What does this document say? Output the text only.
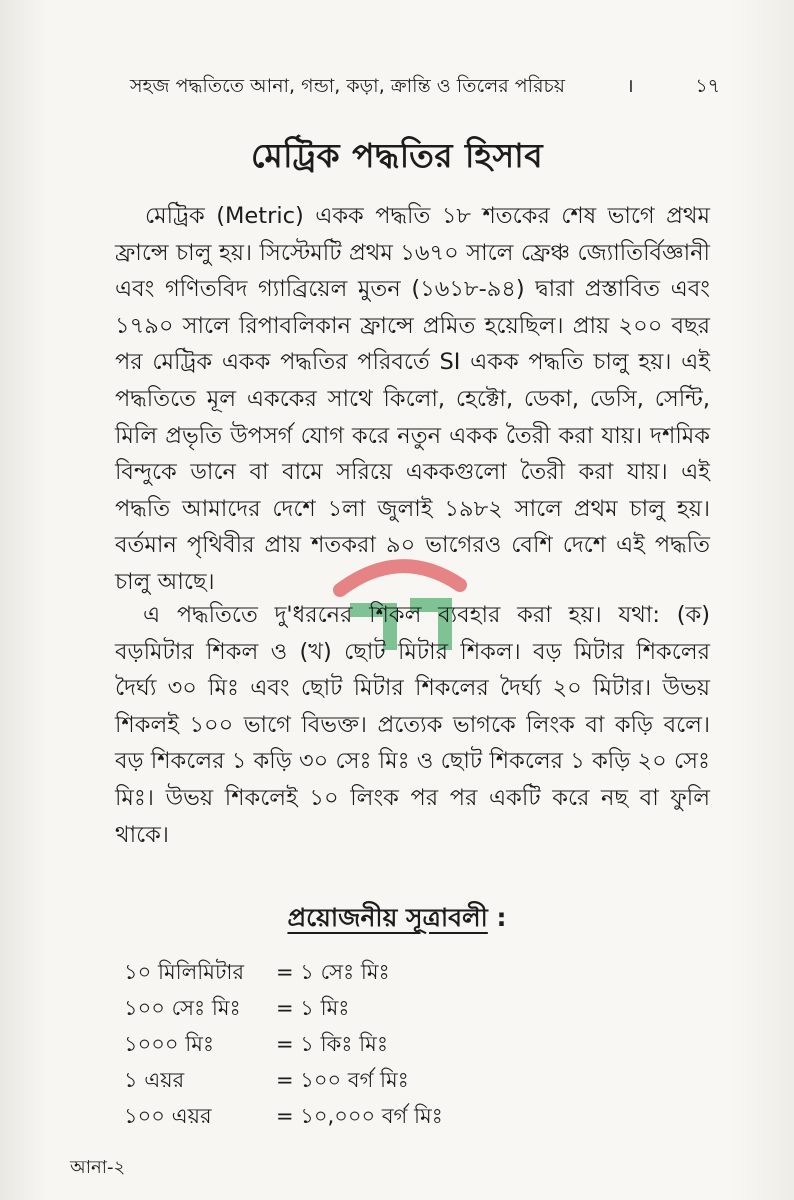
সহজ পদ্ধতিতে আনা, গন্ডা, কড়া, ক্রান্তি ও তিলের পরিচয়	।	১৭
মেট্রিক পদ্ধতির হিসাব
মেট্রিক (Metric) একক পদ্ধতি ১৮ শতকের শেষ ভাগে প্রথম ফ্রান্সে চালু হয়। সিস্টেমটি প্রথম ১৬৭০ সালে ফ্রেঞ্চ জ্যোতির্বিজ্ঞানী এবং গণিতবিদ গ্যাব্রিয়েল মুতন (১৬১৮-৯৪) দ্বারা প্রস্তাবিত এবং ১৭৯০ সালে রিপাবলিকান ফ্রান্সে প্রমিত হয়েছিল। প্রায় ২০০ বছর পর মেট্রিক একক পদ্ধতির পরিবর্তে SI একক পদ্ধতি চালু হয়। এই পদ্ধতিতে মূল এককের সাথে কিলো, হেক্টো, ডেকা, ডেসি, সেন্টি, মিলি প্রভৃতি উপসর্গ যোগ করে নতুন একক তৈরী করা যায়। দশমিক বিন্দুকে ডানে বা বামে সরিয়ে এককগুলো তৈরী করা যায়। এই পদ্ধতি আমাদের দেশে ১লা জুলাই ১৯৮২ সালে প্রথম চালু হয়। বর্তমান পৃথিবীর প্রায় শতকরা ৯০ ভাগেরও বেশি দেশে এই পদ্ধতি চালু আছে।
এ পদ্ধতিতে দু'ধরনের শিকল ব্যবহার করা হয়। যথা: (ক) বড়মিটার শিকল ও (খ) ছোট মিটার শিকল। বড় মিটার শিকলের দৈর্ঘ্য ৩০ মিঃ এবং ছোট মিটার শিকলের দৈর্ঘ্য ২০ মিটার। উভয় শিকলই ১০০ ভাগে বিভক্ত। প্রত্যেক ভাগকে লিংক বা কড়ি বলে। বড় শিকলের ১ কড়ি ৩০ সেঃ মিঃ ও ছোট শিকলের ১ কড়ি ২০ সেঃ মিঃ। উভয় শিকলেই ১০ লিংক পর পর একটি করে নছ বা ফুলি থাকে।
প্রয়োজনীয় সূত্রাবলী :
১০ মিলিমিটার	= ১ সেঃ মিঃ
১০০ সেঃ মিঃ	= ১ মিঃ
১০০০ মিঃ	= ১ কিঃ মিঃ
১ এয়র	= ১০০ বর্গ মিঃ
১০০ এয়র	= ১০,০০০ বর্গ মিঃ
আনা-২
